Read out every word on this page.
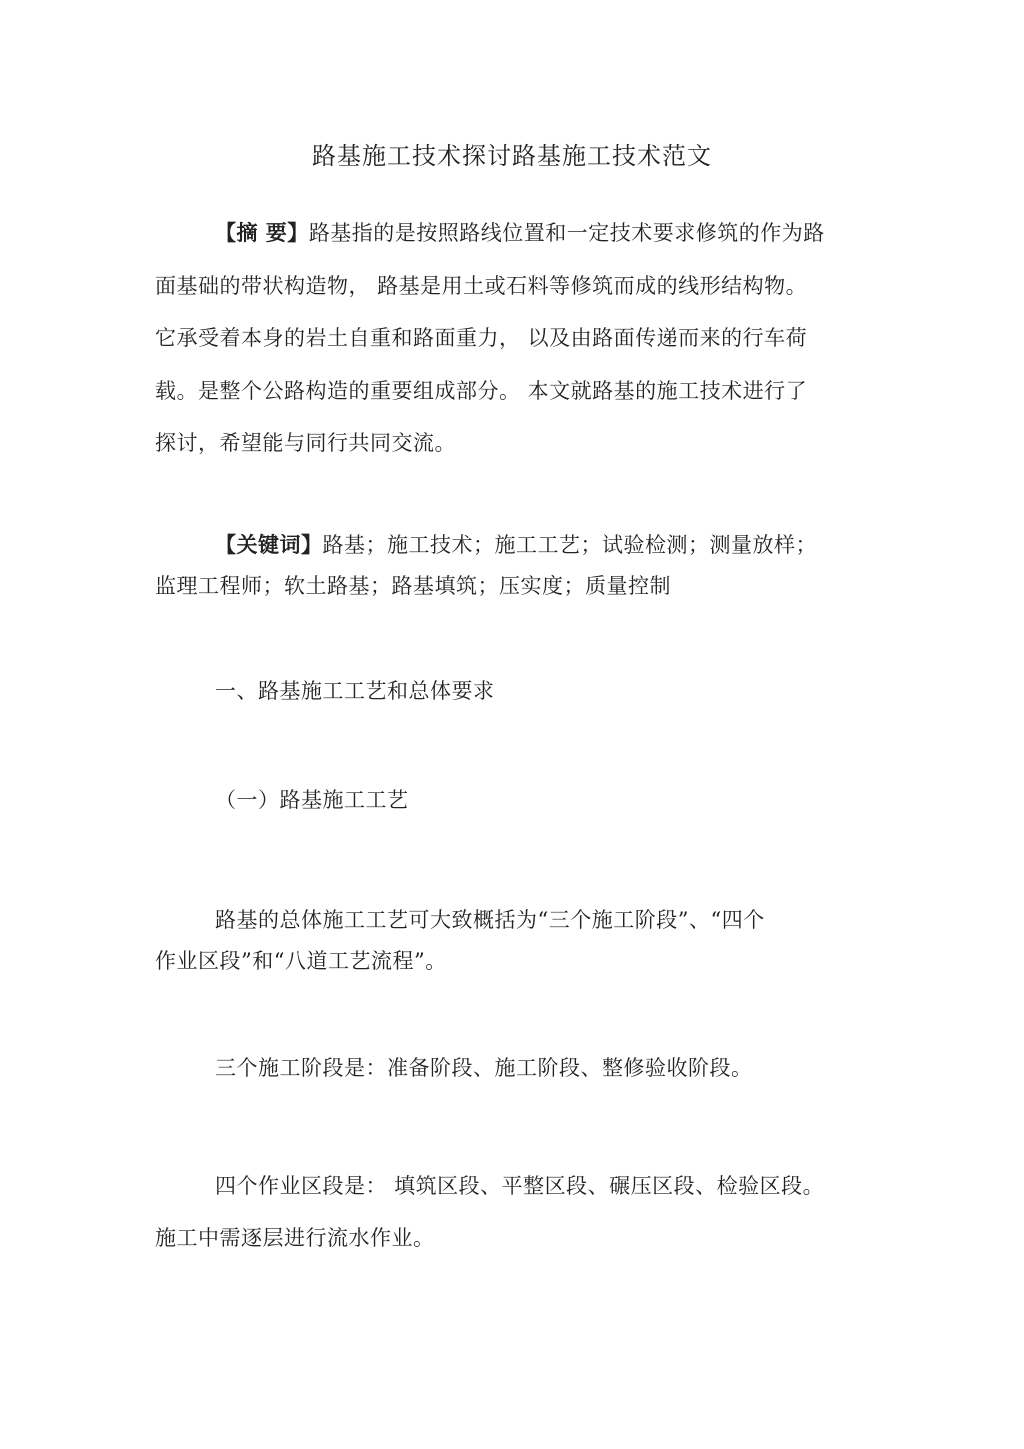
路基施工技术探讨路基施工技术范文
【摘 要】路基指的是按照路线位置和一定技术要求修筑的作为路
面基础的带状构造物， 路基是用土或石料等修筑而成的线形结构物。
它承受着本身的岩土自重和路面重力， 以及由路面传递而来的行车荷
载。是整个公路构造的重要组成部分。 本文就路基的施工技术进行了
探讨，希望能与同行共同交流。
【关键词】路基；施工技术；施工工艺；试验检测；测量放样；
监理工程师；软土路基；路基填筑；压实度；质量控制
一、路基施工工艺和总体要求
（一）路基施工工艺
路基的总体施工工艺可大致概括为“三个施工阶段”、“四个
作业区段”和“八道工艺流程”。
三个施工阶段是：准备阶段、施工阶段、整修验收阶段。
四个作业区段是： 填筑区段、平整区段、碾压区段、检验区段。
施工中需逐层进行流水作业。
